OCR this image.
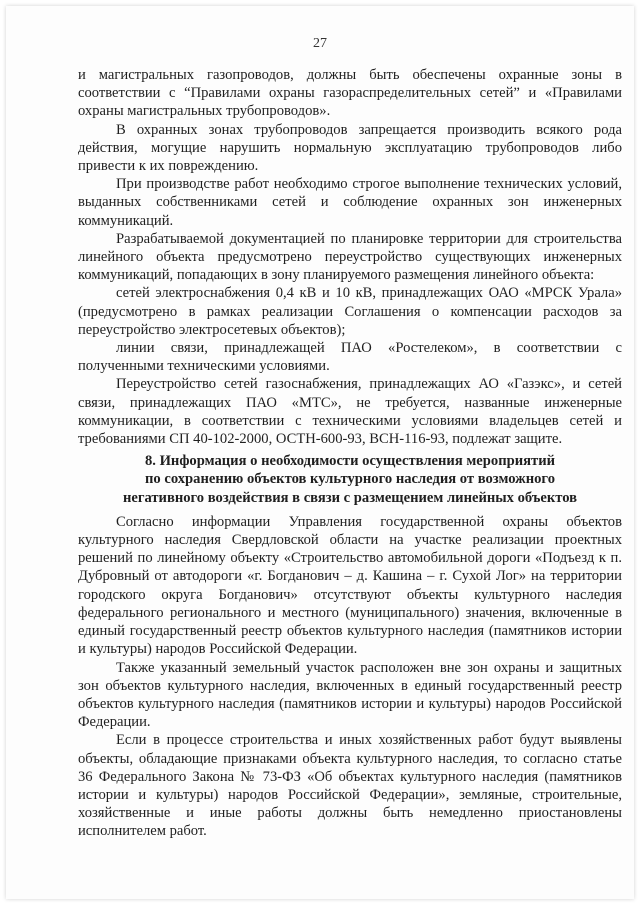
27

и магистральных газопроводов, должны быть обеспечены охранные зоны в соответствии с “Правилами охраны газораспределительных сетей” и «Правилами охраны магистральных трубопроводов».

В охранных зонах трубопроводов запрещается производить всякого рода действия, могущие нарушить нормальную эксплуатацию трубопроводов либо привести к их повреждению.

При производстве работ необходимо строгое выполнение технических условий, выданных собственниками сетей и соблюдение охранных зон инженерных коммуникаций.

Разрабатываемой документацией по планировке территории для строительства линейного объекта предусмотрено переустройство существующих инженерных коммуникаций, попадающих в зону планируемого размещения линейного объекта:

сетей электроснабжения 0,4 кВ и 10 кВ, принадлежащих ОАО «МРСК Урала» (предусмотрено в рамках реализации Соглашения о компенсации расходов за переустройство электросетевых объектов);

линии связи, принадлежащей ПАО «Ростелеком», в соответствии с полученными техническими условиями.

Переустройство сетей газоснабжения, принадлежащих АО «Газэкс», и сетей связи, принадлежащих ПАО «МТС», не требуется, названные инженерные коммуникации, в соответствии с техническими условиями владельцев сетей и требованиями СП 40-102-2000, ОСТН-600-93, ВСН-116-93, подлежат защите.

8. Информация о необходимости осуществления мероприятий
по сохранению объектов культурного наследия от возможного
негативного воздействия в связи с размещением линейных объектов

Согласно информации Управления государственной охраны объектов культурного наследия Свердловской области на участке реализации проектных решений по линейному объекту «Строительство автомобильной дороги «Подъезд к п. Дубровный от автодороги «г. Богданович – д. Кашина – г. Сухой Лог» на территории городского округа Богданович» отсутствуют объекты культурного наследия федерального регионального и местного (муниципального) значения, включенные в единый государственный реестр объектов культурного наследия (памятников истории и культуры) народов Российской Федерации.

Также указанный земельный участок расположен вне зон охраны и защитных зон объектов культурного наследия, включенных в единый государственный реестр объектов культурного наследия (памятников истории и культуры) народов Российской Федерации.

Если в процессе строительства и иных хозяйственных работ будут выявлены объекты, обладающие признаками объекта культурного наследия, то согласно статье 36 Федерального Закона № 73-ФЗ «Об объектах культурного наследия (памятников истории и культуры) народов Российской Федерации», земляные, строительные, хозяйственные и иные работы должны быть немедленно приостановлены исполнителем работ.
